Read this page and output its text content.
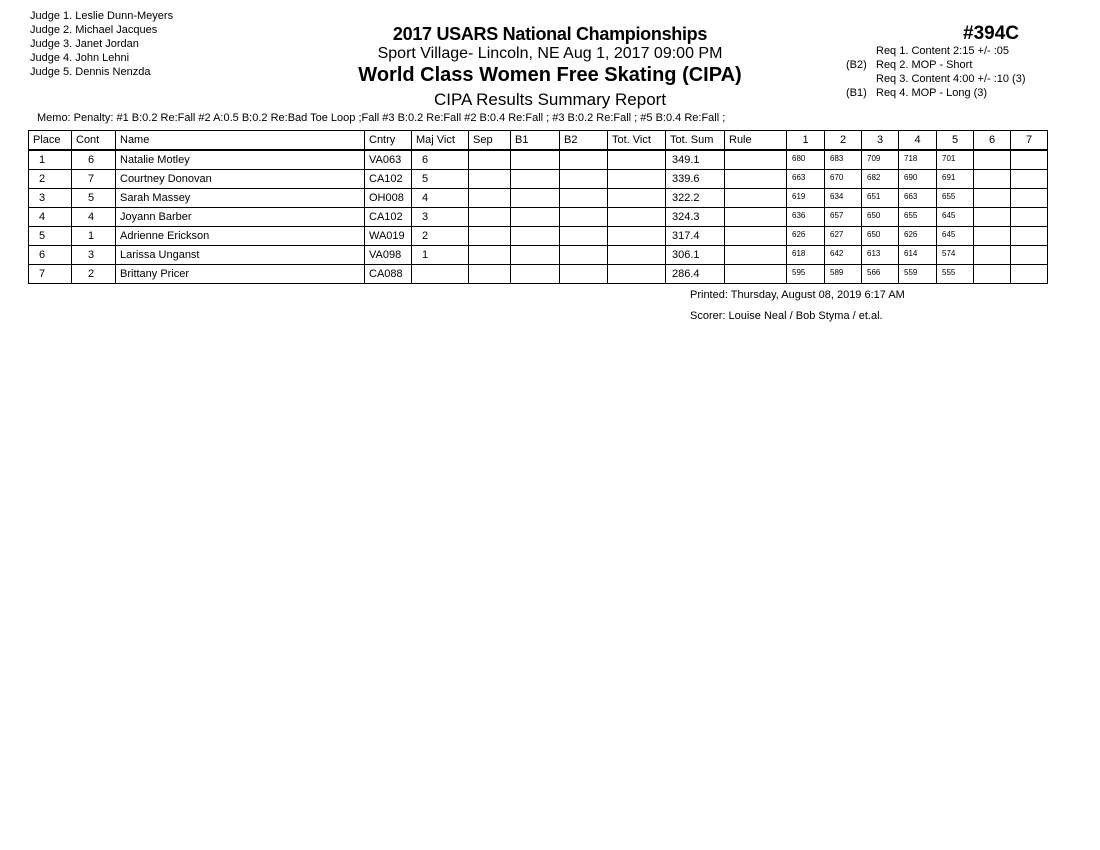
Judge 1. Leslie Dunn-Meyers
Judge 2. Michael Jacques
Judge 3. Janet Jordan
Judge 4. John Lehni
Judge 5. Dennis Nenzda
2017 USARS National Championships
Sport Village- Lincoln, NE Aug 1, 2017 09:00 PM
World Class Women Free Skating (CIPA)
CIPA Results Summary Report
#394C
Req 1. Content 2:15 +/- :05
(B2) Req 2. MOP - Short
Req 3. Content 4:00 +/- :10 (3)
(B1) Req 4. MOP - Long (3)
Memo: Penalty: #1 B:0.2 Re:Fall #2 A:0.5 B:0.2 Re:Bad Toe Loop ;Fall #3 B:0.2 Re:Fall #2 B:0.4 Re:Fall ; #3 B:0.2 Re:Fall ; #5 B:0.4 Re:Fall ;
Place	Cont	Name	Cntry	Maj Vict	Sep	B1	B2	Tot. Vict	Tot. Sum	Rule	1	2	3	4	5	6	7
1	6	Natalie Motley	VA063	6					349.1		680	683	709	718	701		
2	7	Courtney Donovan	CA102	5					339.6		663	670	682	690	691		
3	5	Sarah Massey	OH008	4					322.2		619	634	651	663	655		
4	4	Joyann Barber	CA102	3					324.3		636	657	650	655	645		
5	1	Adrienne Erickson	WA019	2					317.4		626	627	650	626	645		
6	3	Larissa Unganst	VA098	1					306.1		618	642	613	614	574		
7	2	Brittany Pricer	CA088						286.4		595	589	566	559	555		
Printed: Thursday, August 08, 2019 6:17 AM
Scorer: Louise Neal / Bob Styma / et.al.
